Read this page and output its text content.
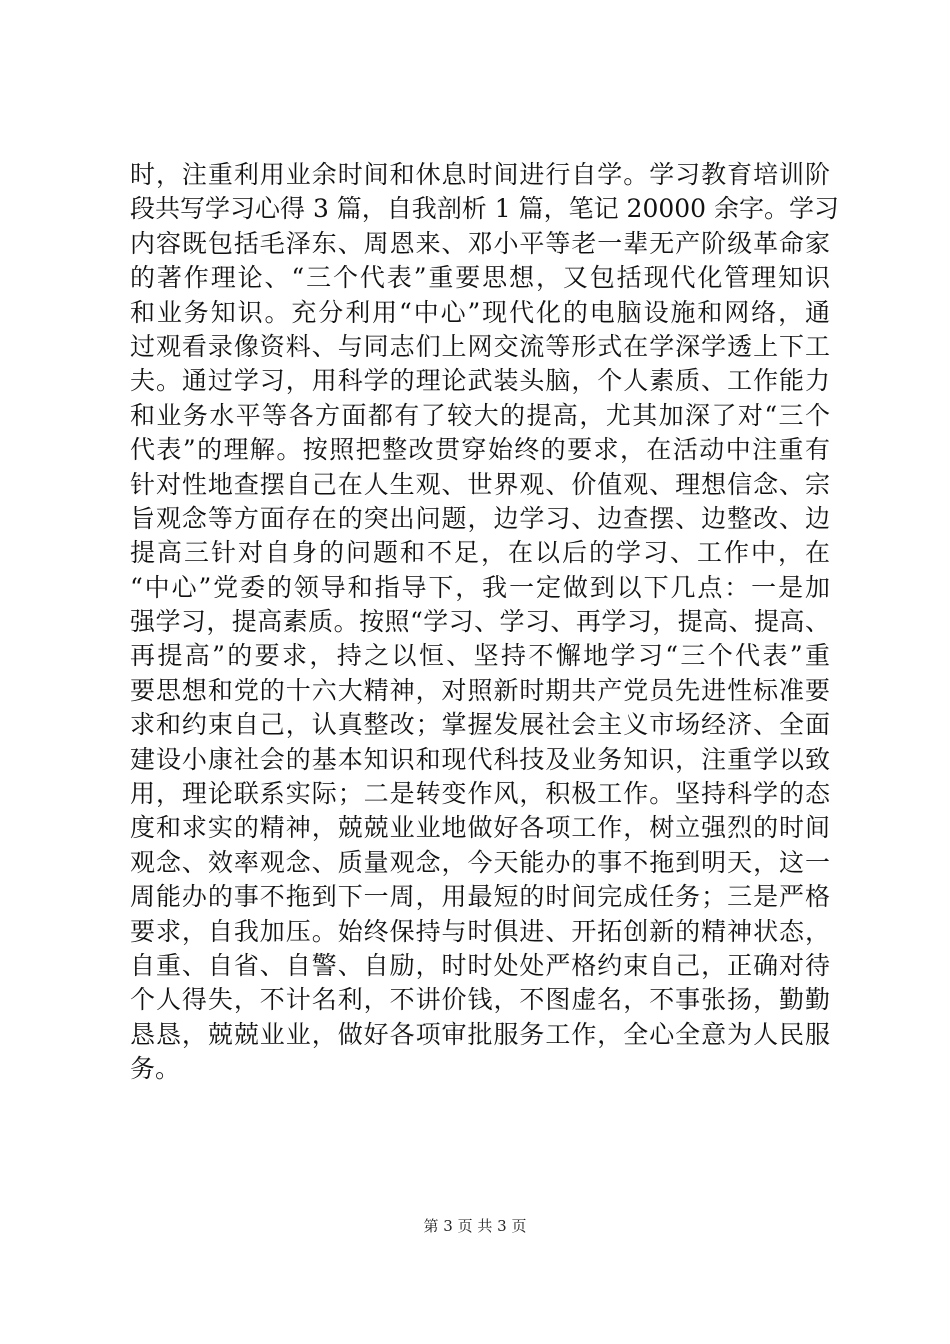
时，注重利用业余时间和休息时间进行自学。学习教育培训阶
段共写学习心得 3 篇，自我剖析 1 篇，笔记 20000 余字。学习
内容既包括毛泽东、周恩来、邓小平等老一辈无产阶级革命家
的著作理论、“三个代表”重要思想，又包括现代化管理知识
和业务知识。充分利用“中心”现代化的电脑设施和网络，通
过观看录像资料、与同志们上网交流等形式在学深学透上下工
夫。通过学习，用科学的理论武装头脑，个人素质、工作能力
和业务水平等各方面都有了较大的提高，尤其加深了对“三个
代表”的理解。按照把整改贯穿始终的要求，在活动中注重有
针对性地查摆自己在人生观、世界观、价值观、理想信念、宗
旨观念等方面存在的突出问题，边学习、边查摆、边整改、边
提高三针对自身的问题和不足，在以后的学习、工作中，在
“中心”党委的领导和指导下，我一定做到以下几点：一是加
强学习，提高素质。按照“学习、学习、再学习，提高、提高、
再提高”的要求，持之以恒、坚持不懈地学习“三个代表”重
要思想和党的十六大精神，对照新时期共产党员先进性标准要
求和约束自己，认真整改；掌握发展社会主义市场经济、全面
建设小康社会的基本知识和现代科技及业务知识，注重学以致
用，理论联系实际；二是转变作风，积极工作。坚持科学的态
度和求实的精神，兢兢业业地做好各项工作，树立强烈的时间
观念、效率观念、质量观念，今天能办的事不拖到明天，这一
周能办的事不拖到下一周，用最短的时间完成任务；三是严格
要求，自我加压。始终保持与时俱进、开拓创新的精神状态，
自重、自省、自警、自励，时时处处严格约束自己，正确对待
个人得失，不计名利，不讲价钱，不图虚名，不事张扬，勤勤
恳恳，兢兢业业，做好各项审批服务工作，全心全意为人民服
务。
第 3 页 共 3 页
